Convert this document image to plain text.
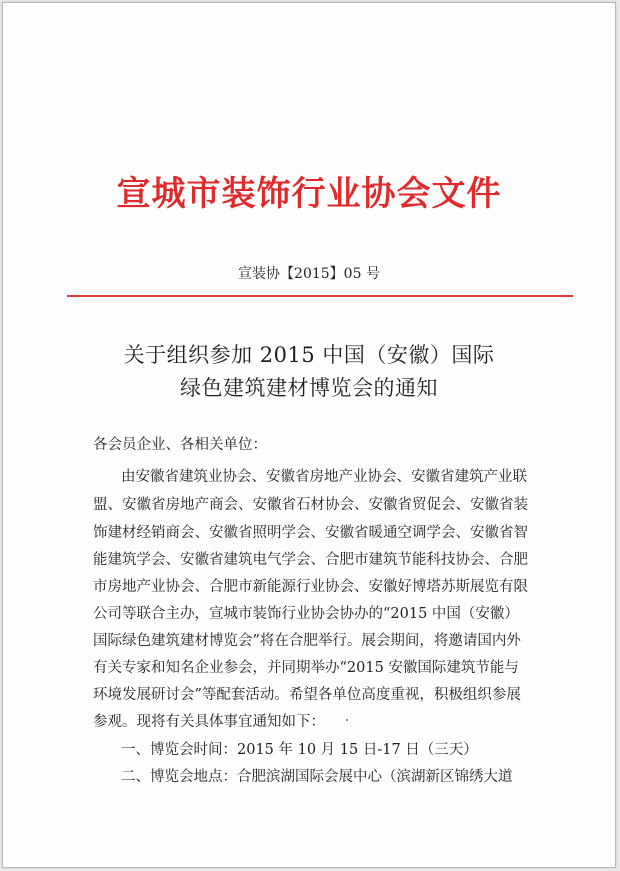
宣城市装饰行业协会文件
宣装协【2015】05 号
关于组织参加 2015 中国（安徽）国际
绿色建筑建材博览会的通知
各会员企业、各相关单位：
由安徽省建筑业协会、安徽省房地产业协会、安徽省建筑产业联
盟、安徽省房地产商会、安徽省石材协会、安徽省贸促会、安徽省装
饰建材经销商会、安徽省照明学会、安徽省暖通空调学会、安徽省智
能建筑学会、安徽省建筑电气学会、合肥市建筑节能科技协会、合肥
市房地产业协会、合肥市新能源行业协会、安徽好博塔苏斯展览有限
公司等联合主办，宣城市装饰行业协会协办的“2015 中国（安徽）
国际绿色建筑建材博览会”将在合肥举行。展会期间，将邀请国内外
有关专家和知名企业参会，并同期举办“2015 安徽国际建筑节能与
环境发展研讨会”等配套活动。希望各单位高度重视，积极组织参展
参观。现将有关具体事宜通知如下：
一、博览会时间：2015 年 10 月 15 日-17 日（三天）
二、博览会地点：合肥滨湖国际会展中心（滨湖新区锦绣大道
